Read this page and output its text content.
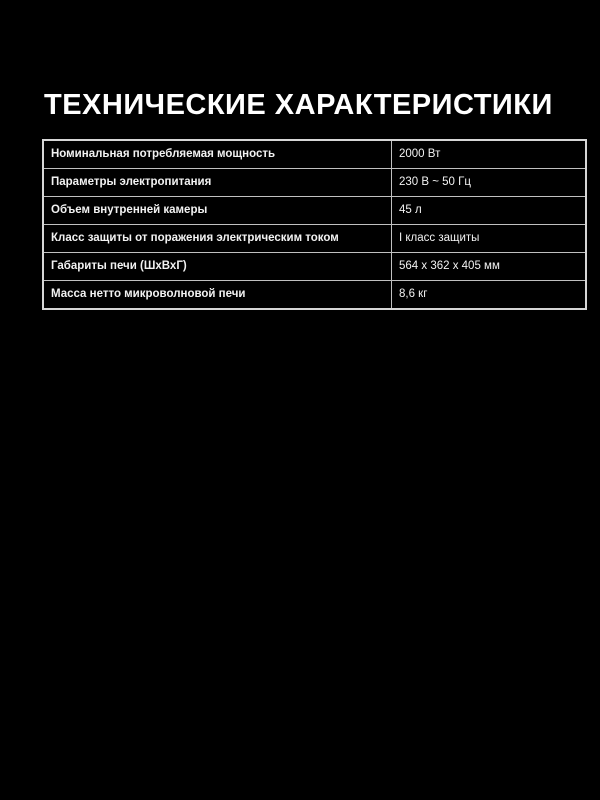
ТЕХНИЧЕСКИЕ ХАРАКТЕРИСТИКИ
Номинальная потребляемая мощность	2000 Вт
Параметры электропитания	230 В ~ 50 Гц
Объем внутренней камеры	45 л
Класс защиты от поражения электрическим током	I класс защиты
Габариты печи (ШхВхГ)	564 x 362 x 405 мм
Масса нетто микроволновой печи	8,6 кг
